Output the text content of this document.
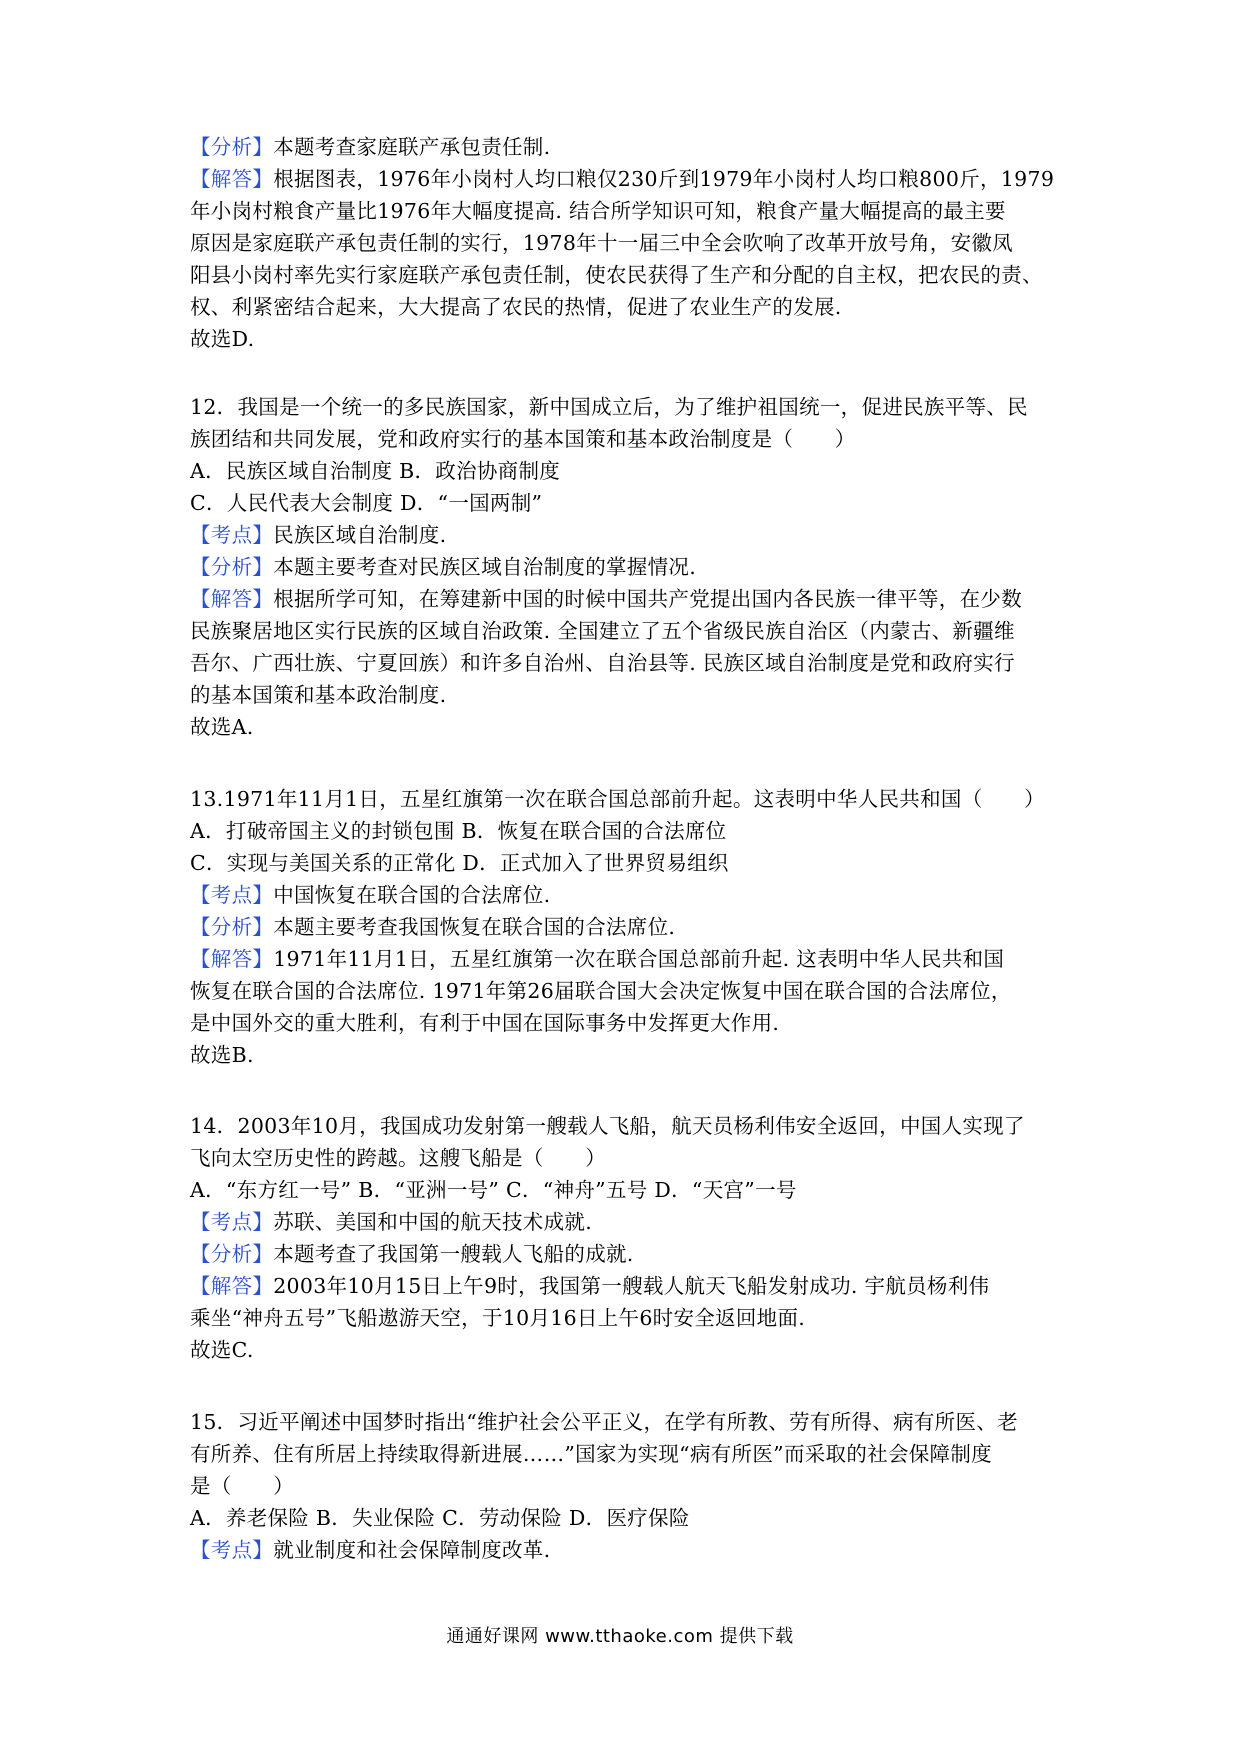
【分析】本题考查家庭联产承包责任制.
【解答】根据图表，1976年小岗村人均口粮仅230斤到1979年小岗村人均口粮800斤，1979
年小岗村粮食产量比1976年大幅度提高. 结合所学知识可知，粮食产量大幅提高的最主要
原因是家庭联产承包责任制的实行，1978年十一届三中全会吹响了改革开放号角，安徽凤
阳县小岗村率先实行家庭联产承包责任制，使农民获得了生产和分配的自主权，把农民的责、
权、利紧密结合起来，大大提高了农民的热情，促进了农业生产的发展.
故选D.
12．我国是一个统一的多民族国家，新中国成立后，为了维护祖国统一，促进民族平等、民
族团结和共同发展，党和政府实行的基本国策和基本政治制度是（　　）
A．民族区域自治制度 B．政治协商制度
C．人民代表大会制度 D．“一国两制”
【考点】民族区域自治制度.
【分析】本题主要考查对民族区域自治制度的掌握情况.
【解答】根据所学可知，在筹建新中国的时候中国共产党提出国内各民族一律平等，在少数
民族聚居地区实行民族的区域自治政策. 全国建立了五个省级民族自治区（内蒙古、新疆维
吾尔、广西壮族、宁夏回族）和许多自治州、自治县等. 民族区域自治制度是党和政府实行
的基本国策和基本政治制度.
故选A.
13.1971年11月1日，五星红旗第一次在联合国总部前升起。这表明中华人民共和国（　　）
A．打破帝国主义的封锁包围 B．恢复在联合国的合法席位
C．实现与美国关系的正常化 D．正式加入了世界贸易组织
【考点】中国恢复在联合国的合法席位.
【分析】本题主要考查我国恢复在联合国的合法席位.
【解答】1971年11月1日，五星红旗第一次在联合国总部前升起. 这表明中华人民共和国
恢复在联合国的合法席位. 1971年第26届联合国大会决定恢复中国在联合国的合法席位，
是中国外交的重大胜利，有利于中国在国际事务中发挥更大作用.
故选B.
14．2003年10月，我国成功发射第一艘载人飞船，航天员杨利伟安全返回，中国人实现了
飞向太空历史性的跨越。这艘飞船是（　　）
A．“东方红一号” B．“亚洲一号” C．“神舟”五号 D．“天宫”一号
【考点】苏联、美国和中国的航天技术成就.
【分析】本题考查了我国第一艘载人飞船的成就.
【解答】2003年10月15日上午9时，我国第一艘载人航天飞船发射成功. 宇航员杨利伟
乘坐“神舟五号”飞船遨游天空，于10月16日上午6时安全返回地面.
故选C.
15．习近平阐述中国梦时指出“维护社会公平正义，在学有所教、劳有所得、病有所医、老
有所养、住有所居上持续取得新进展……”国家为实现“病有所医”而采取的社会保障制度
是（　　）
A．养老保险 B．失业保险 C．劳动保险 D．医疗保险
【考点】就业制度和社会保障制度改革.
通通好课网 www.tthaoke.com 提供下载
